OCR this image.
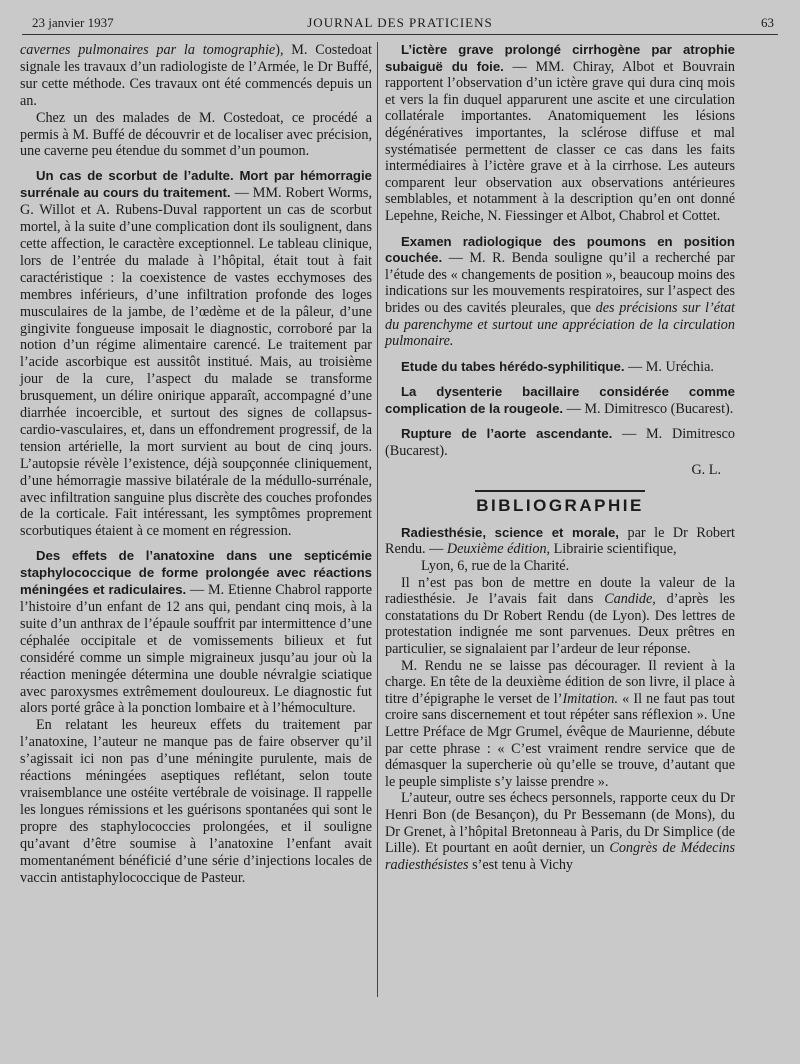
23 janvier 1937	JOURNAL DES PRATICIENS	63

cavernes pulmonaires par la tomographie), M. Costedoat signale les travaux d’un radiologiste de l’Armée, le Dr Buffé, sur cette méthode. Ces travaux ont été commencés depuis un an.

Chez un des malades de M. Costedoat, ce procédé a permis à M. Buffé de découvrir et de localiser avec précision, une caverne peu étendue du sommet d’un poumon.

Un cas de scorbut de l’adulte. Mort par hémorragie surrénale au cours du traitement. — MM. Robert Worms, G. Willot et A. Rubens-Duval rapportent un cas de scorbut mortel, à la suite d’une complication dont ils soulignent, dans cette affection, le caractère exceptionnel. Le tableau clinique, lors de l’entrée du malade à l’hôpital, était tout à fait caractéristique : la coexistence de vastes ecchymoses des membres inférieurs, d’une infiltration profonde des loges musculaires de la jambe, de l’œdème et de la pâleur, d’une gingivite fongueuse imposait le diagnostic, corroboré par la notion d’un régime alimentaire carencé. Le traitement par l’acide ascorbique est aussitôt institué. Mais, au troisième jour de la cure, l’aspect du malade se transforme brusquement, un délire onirique apparaît, accompagné d’une diarrhée incoercible, et surtout des signes de collapsus-cardio-vasculaires, et, dans un effondrement progressif, de la tension artérielle, la mort survient au bout de cinq jours. L’autopsie révèle l’existence, déjà soupçonnée cliniquement, d’une hémorragie massive bilatérale de la médullo-surrénale, avec infiltration sanguine plus discrète des couches profondes de la corticale. Fait intéressant, les symptômes proprement scorbutiques étaient à ce moment en régression.

Des effets de l’anatoxine dans une septicémie staphylococcique de forme prolongée avec réactions méningées et radiculaires. — M. Etienne Chabrol rapporte l’histoire d’un enfant de 12 ans qui, pendant cinq mois, à la suite d’un anthrax de l’épaule souffrit par intermittence d’une céphalée occipitale et de vomissements bilieux et fut considéré comme un simple migraineux jusqu’au jour où la réaction meningée détermina une double névralgie sciatique avec paroxysmes extrêmement douloureux. Le diagnostic fut alors porté grâce à la ponction lombaire et à l’hémoculture.

En relatant les heureux effets du traitement par l’anatoxine, l’auteur ne manque pas de faire observer qu’il s’agissait ici non pas d’une méningite purulente, mais de réactions méningées aseptiques reflétant, selon toute vraisemblance une ostéite vertébrale de voisinage. Il rappelle les longues rémissions et les guérisons spontanées qui sont le propre des staphylococcies prolongées, et il souligne qu’avant d’être soumise à l’anatoxine l’enfant avait momentanément bénéficié d’une série d’injections locales de vaccin antistaphylococcique de Pasteur.

L’ictère grave prolongé cirrhogène par atrophie subaiguë du foie. — MM. Chiray, Albot et Bouvrain rapportent l’observation d’un ictère grave qui dura cinq mois et vers la fin duquel apparurent une ascite et une circulation collatérale importantes. Anatomiquement les lésions dégénératives importantes, la sclérose diffuse et mal systématisée permettent de classer ce cas dans les faits intermédiaires à l’ictère grave et à la cirrhose. Les auteurs comparent leur observation aux observations antérieures semblables, et notamment à la description qu’en ont donné Lepehne, Reiche, N. Fiessinger et Albot, Chabrol et Cottet.

Examen radiologique des poumons en position couchée. — M. R. Benda souligne qu’il a recherché par l’étude des « changements de position », beaucoup moins des indications sur les mouvements respiratoires, sur l’aspect des brides ou des cavités pleurales, que des précisions sur l’état du parenchyme et surtout une appréciation de la circulation pulmonaire.

Etude du tabes hérédo-syphilitique. — M. Uréchia.

La dysenterie bacillaire considérée comme complication de la rougeole. — M. Dimitresco (Bucarest).

Rupture de l’aorte ascendante. — M. Dimitresco (Bucarest).

G. L.
BIBLIOGRAPHIE

Radiesthésie, science et morale, par le Dr Robert Rendu. — Deuxième édition, Librairie scientifique,
Lyon, 6, rue de la Charité.

Il n’est pas bon de mettre en doute la valeur de la radiesthésie. Je l’avais fait dans Candide, d’après les constatations du Dr Robert Rendu (de Lyon). Des lettres de protestation indignée me sont parvenues. Deux prêtres en particulier, se signalaient par l’ardeur de leur réponse.

M. Rendu ne se laisse pas décourager. Il revient à la charge. En tête de la deuxième édition de son livre, il place à titre d’épigraphe le verset de l’Imitation. « Il ne faut pas tout croire sans discernement et tout répéter sans réflexion ». Une Lettre Préface de Mgr Grumel, évêque de Maurienne, débute par cette phrase : « C’est vraiment rendre service que de démasquer la supercherie où qu’elle se trouve, d’autant que le peuple simpliste s’y laisse prendre ».

L’auteur, outre ses échecs personnels, rapporte ceux du Dr Henri Bon (de Besançon), du Pr Bessemann (de Mons), du Dr Grenet, à l’hôpital Bretonneau à Paris, du Dr Simplice (de Lille). Et pourtant en août dernier, un Congrès de Médecins radiesthésistes s’est tenu à Vichy
